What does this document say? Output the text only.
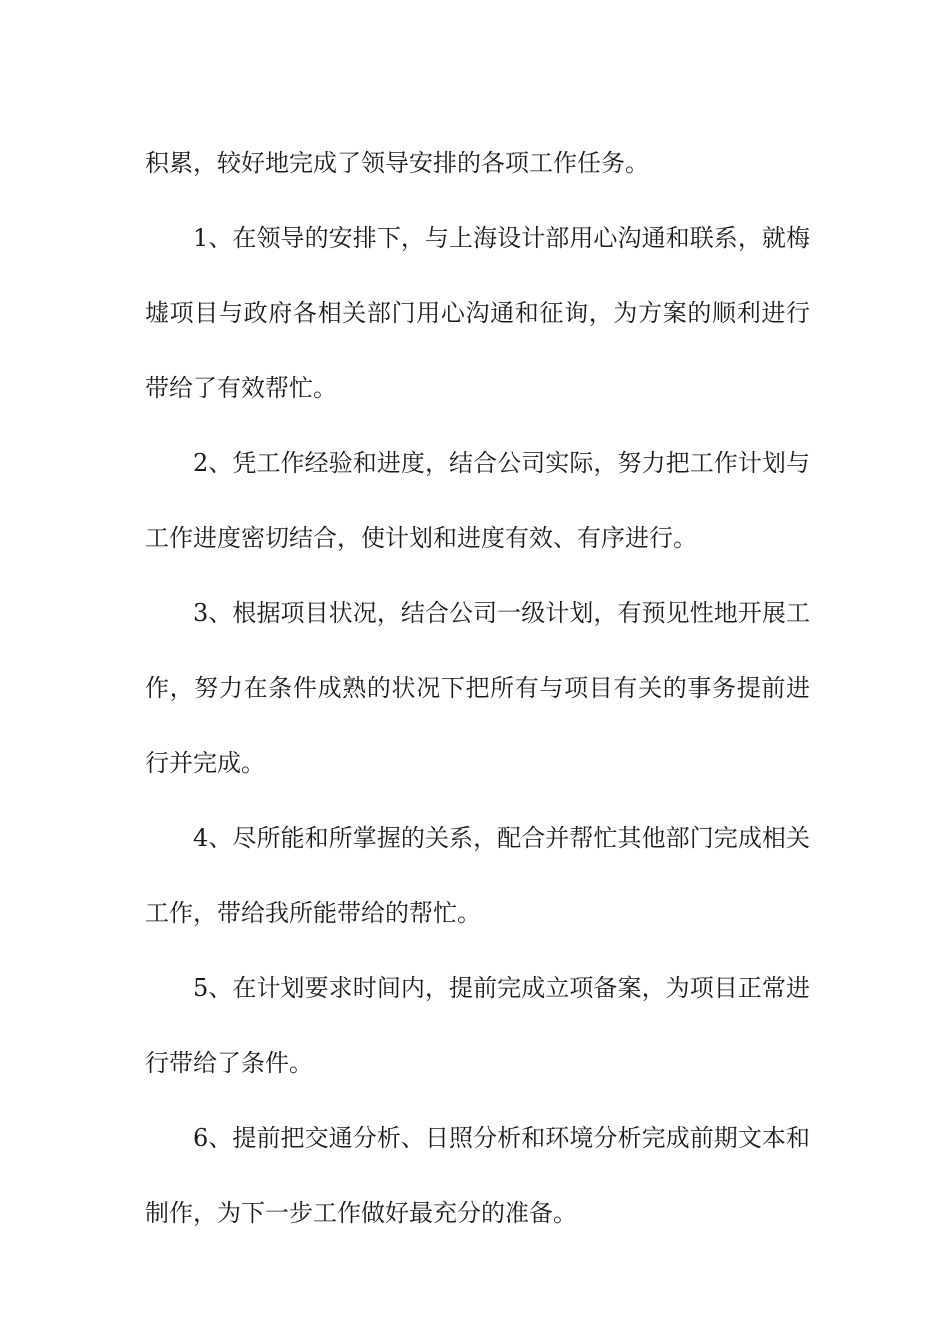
积累，较好地完成了领导安排的各项工作任务。

1、在领导的安排下，与上海设计部用心沟通和联系，就梅墟项目与政府各相关部门用心沟通和征询，为方案的顺利进行带给了有效帮忙。

2、凭工作经验和进度，结合公司实际，努力把工作计划与工作进度密切结合，使计划和进度有效、有序进行。

3、根据项目状况，结合公司一级计划，有预见性地开展工作，努力在条件成熟的状况下把所有与项目有关的事务提前进行并完成。

4、尽所能和所掌握的关系，配合并帮忙其他部门完成相关工作，带给我所能带给的帮忙。

5、在计划要求时间内，提前完成立项备案，为项目正常进行带给了条件。

6、提前把交通分析、日照分析和环境分析完成前期文本和制作，为下一步工作做好最充分的准备。
